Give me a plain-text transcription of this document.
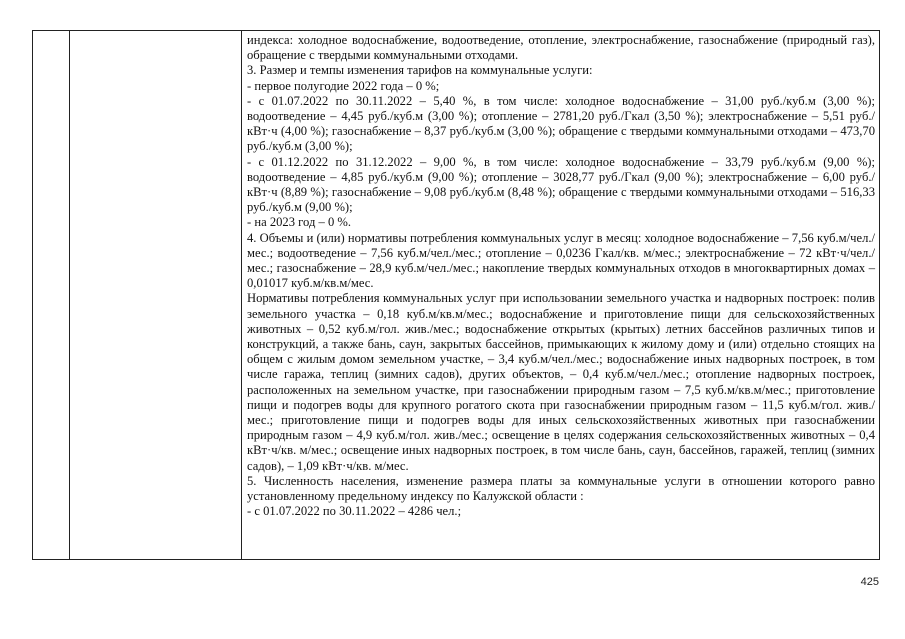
индекса: холодное водоснабжение, водоотведение, отопление, электроснабжение, газоснабжение (природный газ), обращение с твердыми коммунальными отходами.

3. Размер и темпы изменения тарифов на коммунальные услуги:

- первое полугодие 2022 года – 0 %;

- с 01.07.2022 по 30.11.2022 – 5,40 %, в том числе: холодное водоснабжение – 31,00 руб./куб.м (3,00 %); водоотведение – 4,45 руб./куб.м (3,00 %); отопление – 2781,20 руб./Гкал (3,50 %); электроснабжение – 5,51 руб./кВт·ч (4,00 %); газоснабжение – 8,37 руб./куб.м (3,00 %); обращение с твердыми коммунальными отходами – 473,70 руб./куб.м (3,00 %);

- с 01.12.2022 по 31.12.2022 – 9,00 %, в том числе: холодное водоснабжение – 33,79 руб./куб.м (9,00 %); водоотведение – 4,85 руб./куб.м (9,00 %); отопление – 3028,77 руб./Гкал (9,00 %); электроснабжение – 6,00 руб./кВт·ч (8,89 %); газоснабжение – 9,08 руб./куб.м (8,48 %); обращение с твердыми коммунальными отходами – 516,33 руб./куб.м (9,00 %);

- на 2023 год – 0 %.

4. Объемы и (или) нормативы потребления коммунальных услуг в месяц: холодное водоснабжение – 7,56 куб.м/чел./мес.; водоотведение – 7,56 куб.м/чел./мес.; отопление – 0,0236 Гкал/кв. м/мес.; электроснабжение – 72 кВт·ч/чел./мес.; газоснабжение – 28,9 куб.м/чел./мес.; накопление твердых коммунальных отходов в многоквартирных домах – 0,01017 куб.м/кв.м/мес.

Нормативы потребления коммунальных услуг при использовании земельного участка и надворных построек: полив земельного участка – 0,18 куб.м/кв.м/мес.; водоснабжение и приготовление пищи для сельскохозяйственных животных – 0,52 куб.м/гол. жив./мес.; водоснабжение открытых (крытых) летних бассейнов различных типов и конструкций, а также бань, саун, закрытых бассейнов, примыкающих к жилому дому и (или) отдельно стоящих на общем с жилым домом земельном участке, – 3,4 куб.м/чел./мес.; водоснабжение иных надворных построек, в том числе гаража, теплиц (зимних садов), других объектов, – 0,4 куб.м/чел./мес.; отопление надворных построек, расположенных на земельном участке, при газоснабжении природным газом – 7,5 куб.м/кв.м/мес.; приготовление пищи и подогрев воды для крупного рогатого скота при газоснабжении природным газом – 11,5 куб.м/гол. жив./мес.; приготовление пищи и подогрев воды для иных сельскохозяйственных животных при газоснабжении природным газом – 4,9 куб.м/гол. жив./мес.; освещение в целях содержания сельскохозяйственных животных – 0,4 кВт·ч/кв. м/мес.; освещение иных надворных построек, в том числе бань, саун, бассейнов, гаражей, теплиц (зимних садов), – 1,09 кВт·ч/кв. м/мес.

5. Численность населения, изменение размера платы за коммунальные услуги в отношении которого равно установленному предельному индексу по Калужской области :

- с 01.07.2022 по 30.11.2022 – 4286 чел.;

425
